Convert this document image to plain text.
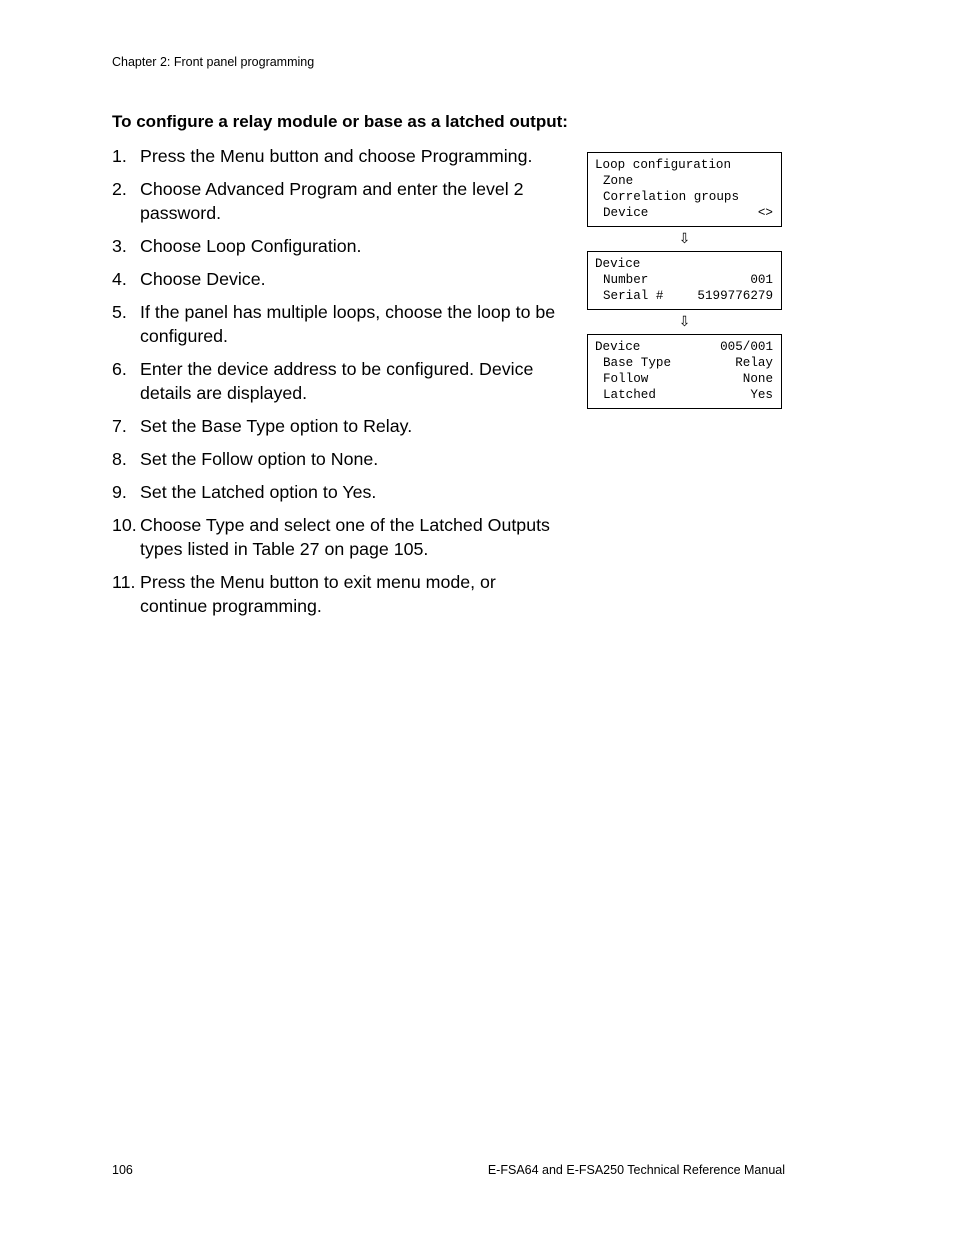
Chapter 2: Front panel programming
To configure a relay module or base as a latched output:
1. Press the Menu button and choose Programming.
2. Choose Advanced Program and enter the level 2 password.
3. Choose Loop Configuration.
4. Choose Device.
5. If the panel has multiple loops, choose the loop to be configured.
6. Enter the device address to be configured. Device details are displayed.
7. Set the Base Type option to Relay.
8. Set the Follow option to None.
9. Set the Latched option to Yes.
10. Choose Type and select one of the Latched Outputs types listed in Table 27 on page 105.
11. Press the Menu button to exit menu mode, or continue programming.
Loop configuration
Zone
Correlation groups
Device	<>
⇩
Device
Number	001
Serial #	5199776279
⇩
Device	005/001
Base Type	Relay
Follow	None
Latched	Yes
106	E-FSA64 and E-FSA250 Technical Reference Manual
